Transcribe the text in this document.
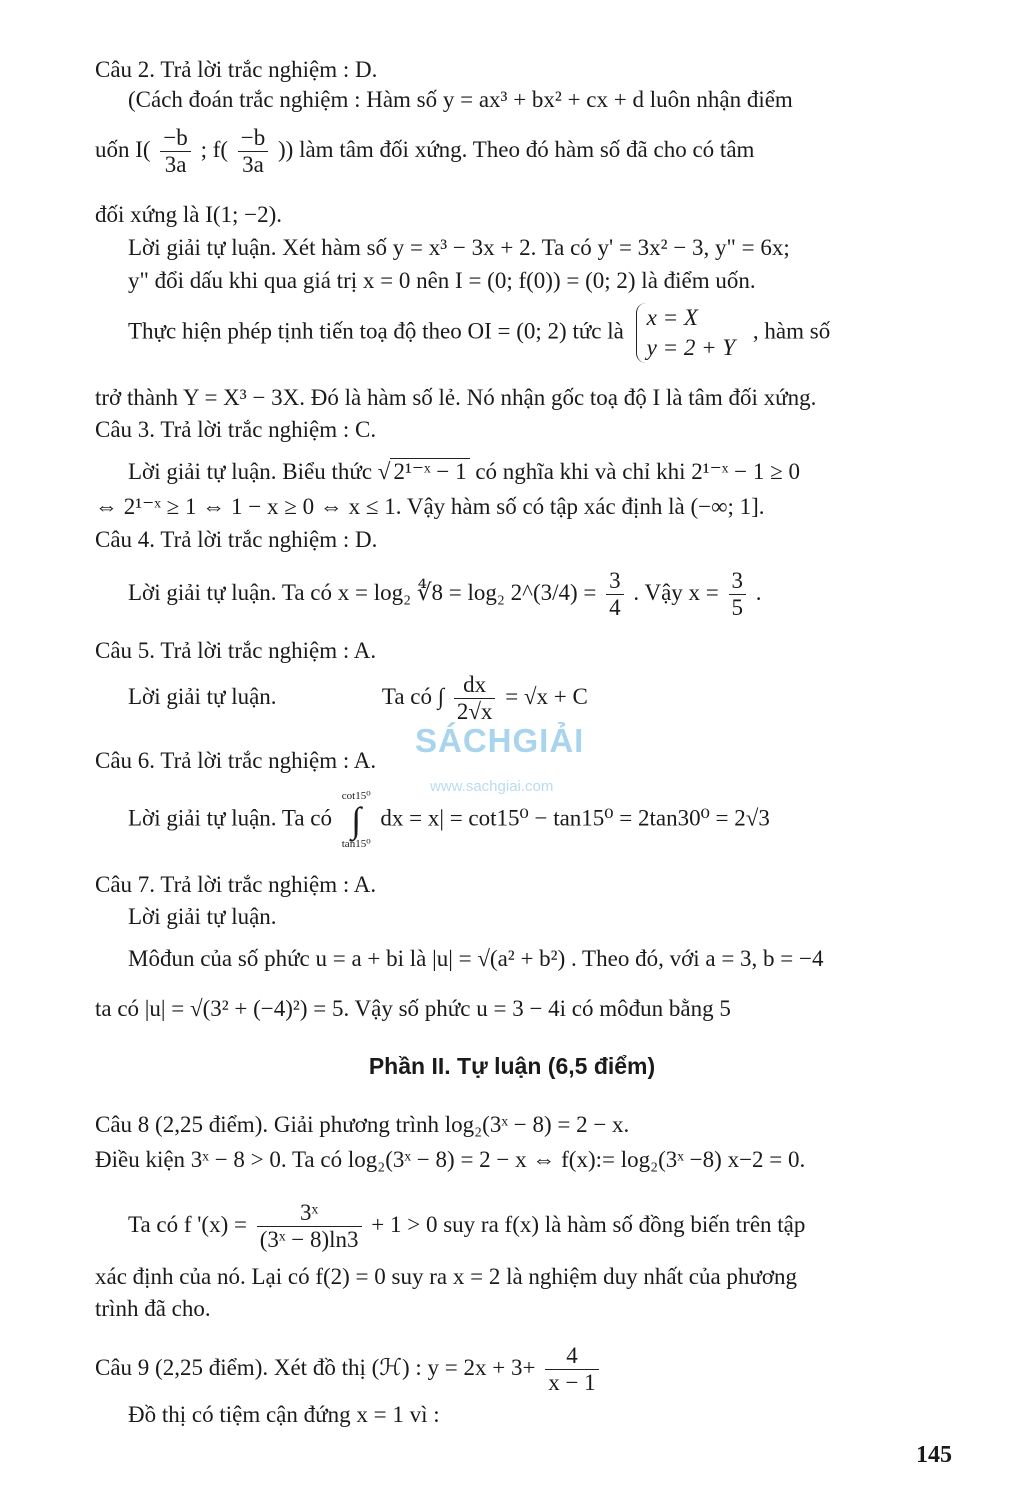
Câu 2. Trả lời trắc nghiệm : D.
(Cách đoán trắc nghiệm : Hàm số y = ax³ + bx² + cx + d luôn nhận điểm
uốn $I( \frac{-b}{3a}$ ; $f( \frac{-b}{3a}$ )) làm tâm đối xứng. Theo đó hàm số đã cho có tâm
đối xứng là I(1; −2).
Lời giải tự luận. Xét hàm số y = x³ − 3x + 2. Ta có y' = 3x² − 3, y" = 6x;
y" đổi dấu khi qua giá trị x = 0 nên I = (0; f(0)) = (0; 2) là điểm uốn.
Thực hiện phép tịnh tiến toạ độ theo OI = (0; 2) tức là
x = X
y = 2 + Y
, hàm số
trở thành Y = X³ − 3X. Đó là hàm số lẻ. Nó nhận gốc toạ độ I là tâm đối xứng.
Câu 3. Trả lời trắc nghiệm : C.
Lời giải tự luận. Biểu thức √ 2¹⁻ˣ − 1 có nghĩa khi và chỉ khi 2¹⁻ˣ − 1 ≥ 0
⇔ 2¹⁻ˣ ≥ 1 ⇔ 1 − x ≥ 0 ⇔ x ≤ 1. Vậy hàm số có tập xác định là (−∞; 1].
Câu 4. Trả lời trắc nghiệm : D.
Lời giải tự luận. Ta có x = log₂ ∜8 = log₂ 2^(3/4) = $\frac{3}{4}$ . Vậy $x = \frac{3}{5}$ .
Câu 5. Trả lời trắc nghiệm : A.
Lời giải tự luận.	Ta có ∫ $\frac{dx}{2√x} = √x + C$
SÁCHGIẢI
www.sachgiai.com
Câu 6. Trả lời trắc nghiệm : A.
Lời giải tự luận. Ta có cot15⁰
∫
tan15⁰ dx = x| = cot15⁰ − tan15⁰ = 2tan30⁰ = 2√3
Câu 7. Trả lời trắc nghiệm : A.
Lời giải tự luận.
Môđun của số phức u = a + bi là |u| = √(a² + b²) . Theo đó, với a = 3, b = −4
ta có |u| = √(3² + (−4)²) = 5. Vậy số phức u = 3 − 4i có môđun bằng 5
Phần II. Tự luận (6,5 điểm)
Câu 8 (2,25 điểm). Giải phương trình log₂(3ˣ − 8) = 2 − x.
Điều kiện 3ˣ − 8 > 0. Ta có log₂(3ˣ − 8) = 2 − x ⇔ f(x):= log₂(3ˣ −8) x−2 = 0.
Ta có f '$(x) = \frac{\text{3ˣ}}{\text{(3ˣ − 8)ln3}} + 1 > 0$ suy ra f(x) là hàm số đồng biến trên tập
xác định của nó. Lại có f(2) = 0 suy ra x = 2 là nghiệm duy nhất của phương
trình đã cho.
Câu 9 (2,25 điểm). Xét đồ thị (ℋ) : $y = 2x + 3+ \frac{4}{x - 1}$
Đồ thị có tiệm cận đứng x = 1 vì :
145
